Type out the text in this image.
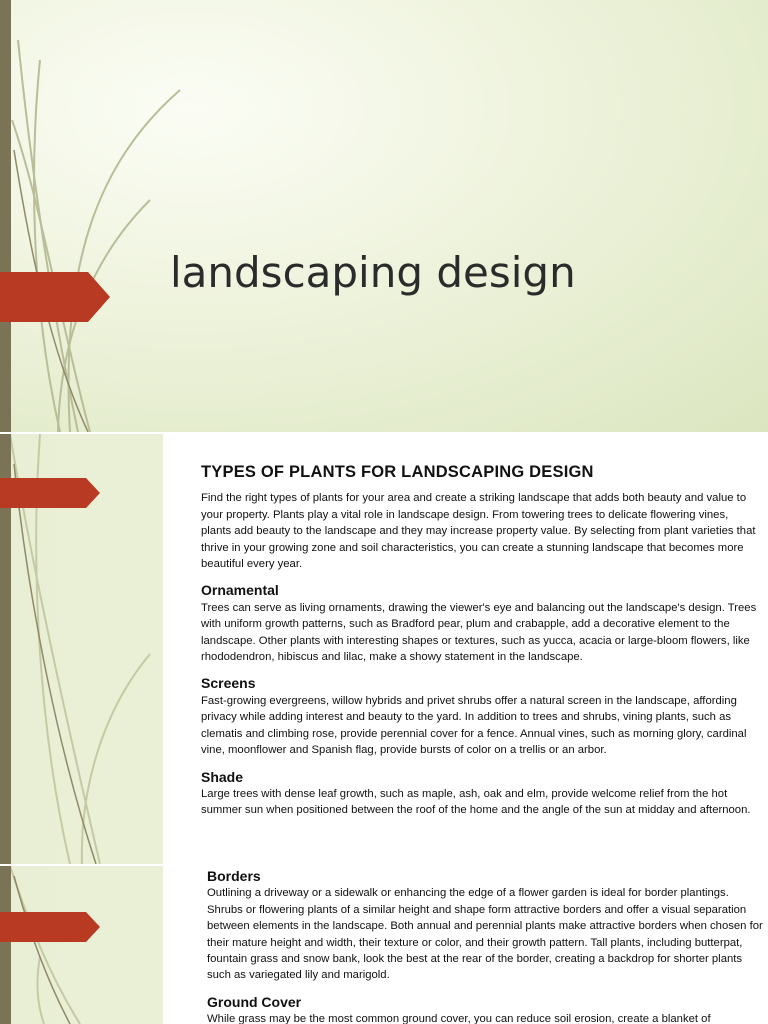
landscaping design
TYPES OF PLANTS FOR LANDSCAPING DESIGN

Find the right types of plants for your area and create a striking landscape that adds both beauty and value to your property. Plants play a vital role in landscape design. From towering trees to delicate flowering vines, plants add beauty to the landscape and they may increase property value. By selecting from plant varieties that thrive in your growing zone and soil characteristics, you can create a stunning landscape that becomes more beautiful every year.

Ornamental

Trees can serve as living ornaments, drawing the viewer's eye and balancing out the landscape's design. Trees with uniform growth patterns, such as Bradford pear, plum and crabapple, add a decorative element to the landscape. Other plants with interesting shapes or textures, such as yucca, acacia or large-bloom flowers, like rhododendron, hibiscus and lilac, make a showy statement in the landscape.

Screens

Fast-growing evergreens, willow hybrids and privet shrubs offer a natural screen in the landscape, affording privacy while adding interest and beauty to the yard. In addition to trees and shrubs, vining plants, such as clematis and climbing rose, provide perennial cover for a fence. Annual vines, such as morning glory, cardinal vine, moonflower and Spanish flag, provide bursts of color on a trellis or an arbor.

Shade

Large trees with dense leaf growth, such as maple, ash, oak and elm, provide welcome relief from the hot summer sun when positioned between the roof of the home and the angle of the sun at midday and afternoon.

Borders

Outlining a driveway or a sidewalk or enhancing the edge of a flower garden is ideal for border plantings. Shrubs or flowering plants of a similar height and shape form attractive borders and offer a visual separation between elements in the landscape. Both annual and perennial plants make attractive borders when chosen for their mature height and width, their texture or color, and their growth pattern. Tall plants, including butterpat, fountain grass and snow bank, look the best at the rear of the border, creating a backdrop for shorter plants such as variegated lily and marigold.

Ground Cover

While grass may be the most common ground cover, you can reduce soil erosion, create a blanket of
